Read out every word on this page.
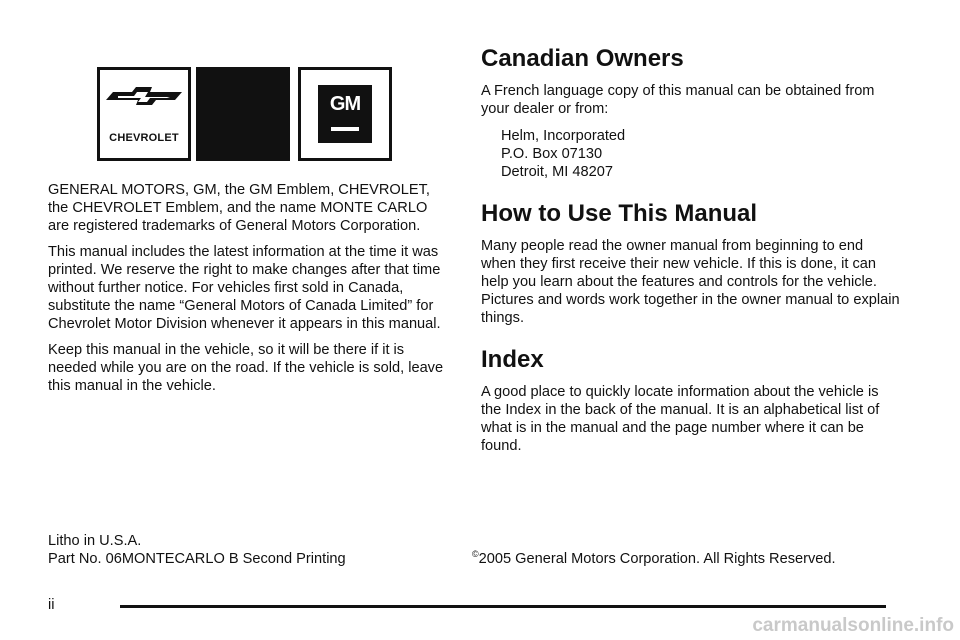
CHEVROLET
GM

GENERAL MOTORS, GM, the GM Emblem, CHEVROLET, the CHEVROLET Emblem, and the name MONTE CARLO are registered trademarks of General Motors Corporation.

This manual includes the latest information at the time it was printed. We reserve the right to make changes after that time without further notice. For vehicles first sold in Canada, substitute the name “General Motors of Canada Limited” for Chevrolet Motor Division whenever it appears in this manual.

Keep this manual in the vehicle, so it will be there if it is needed while you are on the road. If the vehicle is sold, leave this manual in the vehicle.

Canadian Owners

A French language copy of this manual can be obtained from your dealer or from:

Helm, Incorporated
P.O. Box 07130
Detroit, MI 48207
How to Use This Manual

Many people read the owner manual from beginning to end when they first receive their new vehicle. If this is done, it can help you learn about the features and controls for the vehicle. Pictures and words work together in the owner manual to explain things.

Index

A good place to quickly locate information about the vehicle is the Index in the back of the manual. It is an alphabetical list of what is in the manual and the page number where it can be found.

Litho in U.S.A.
Part No. 06MONTECARLO B Second Printing	©2005 General Motors Corporation. All Rights Reserved.
ii
carmanualsonline.info
